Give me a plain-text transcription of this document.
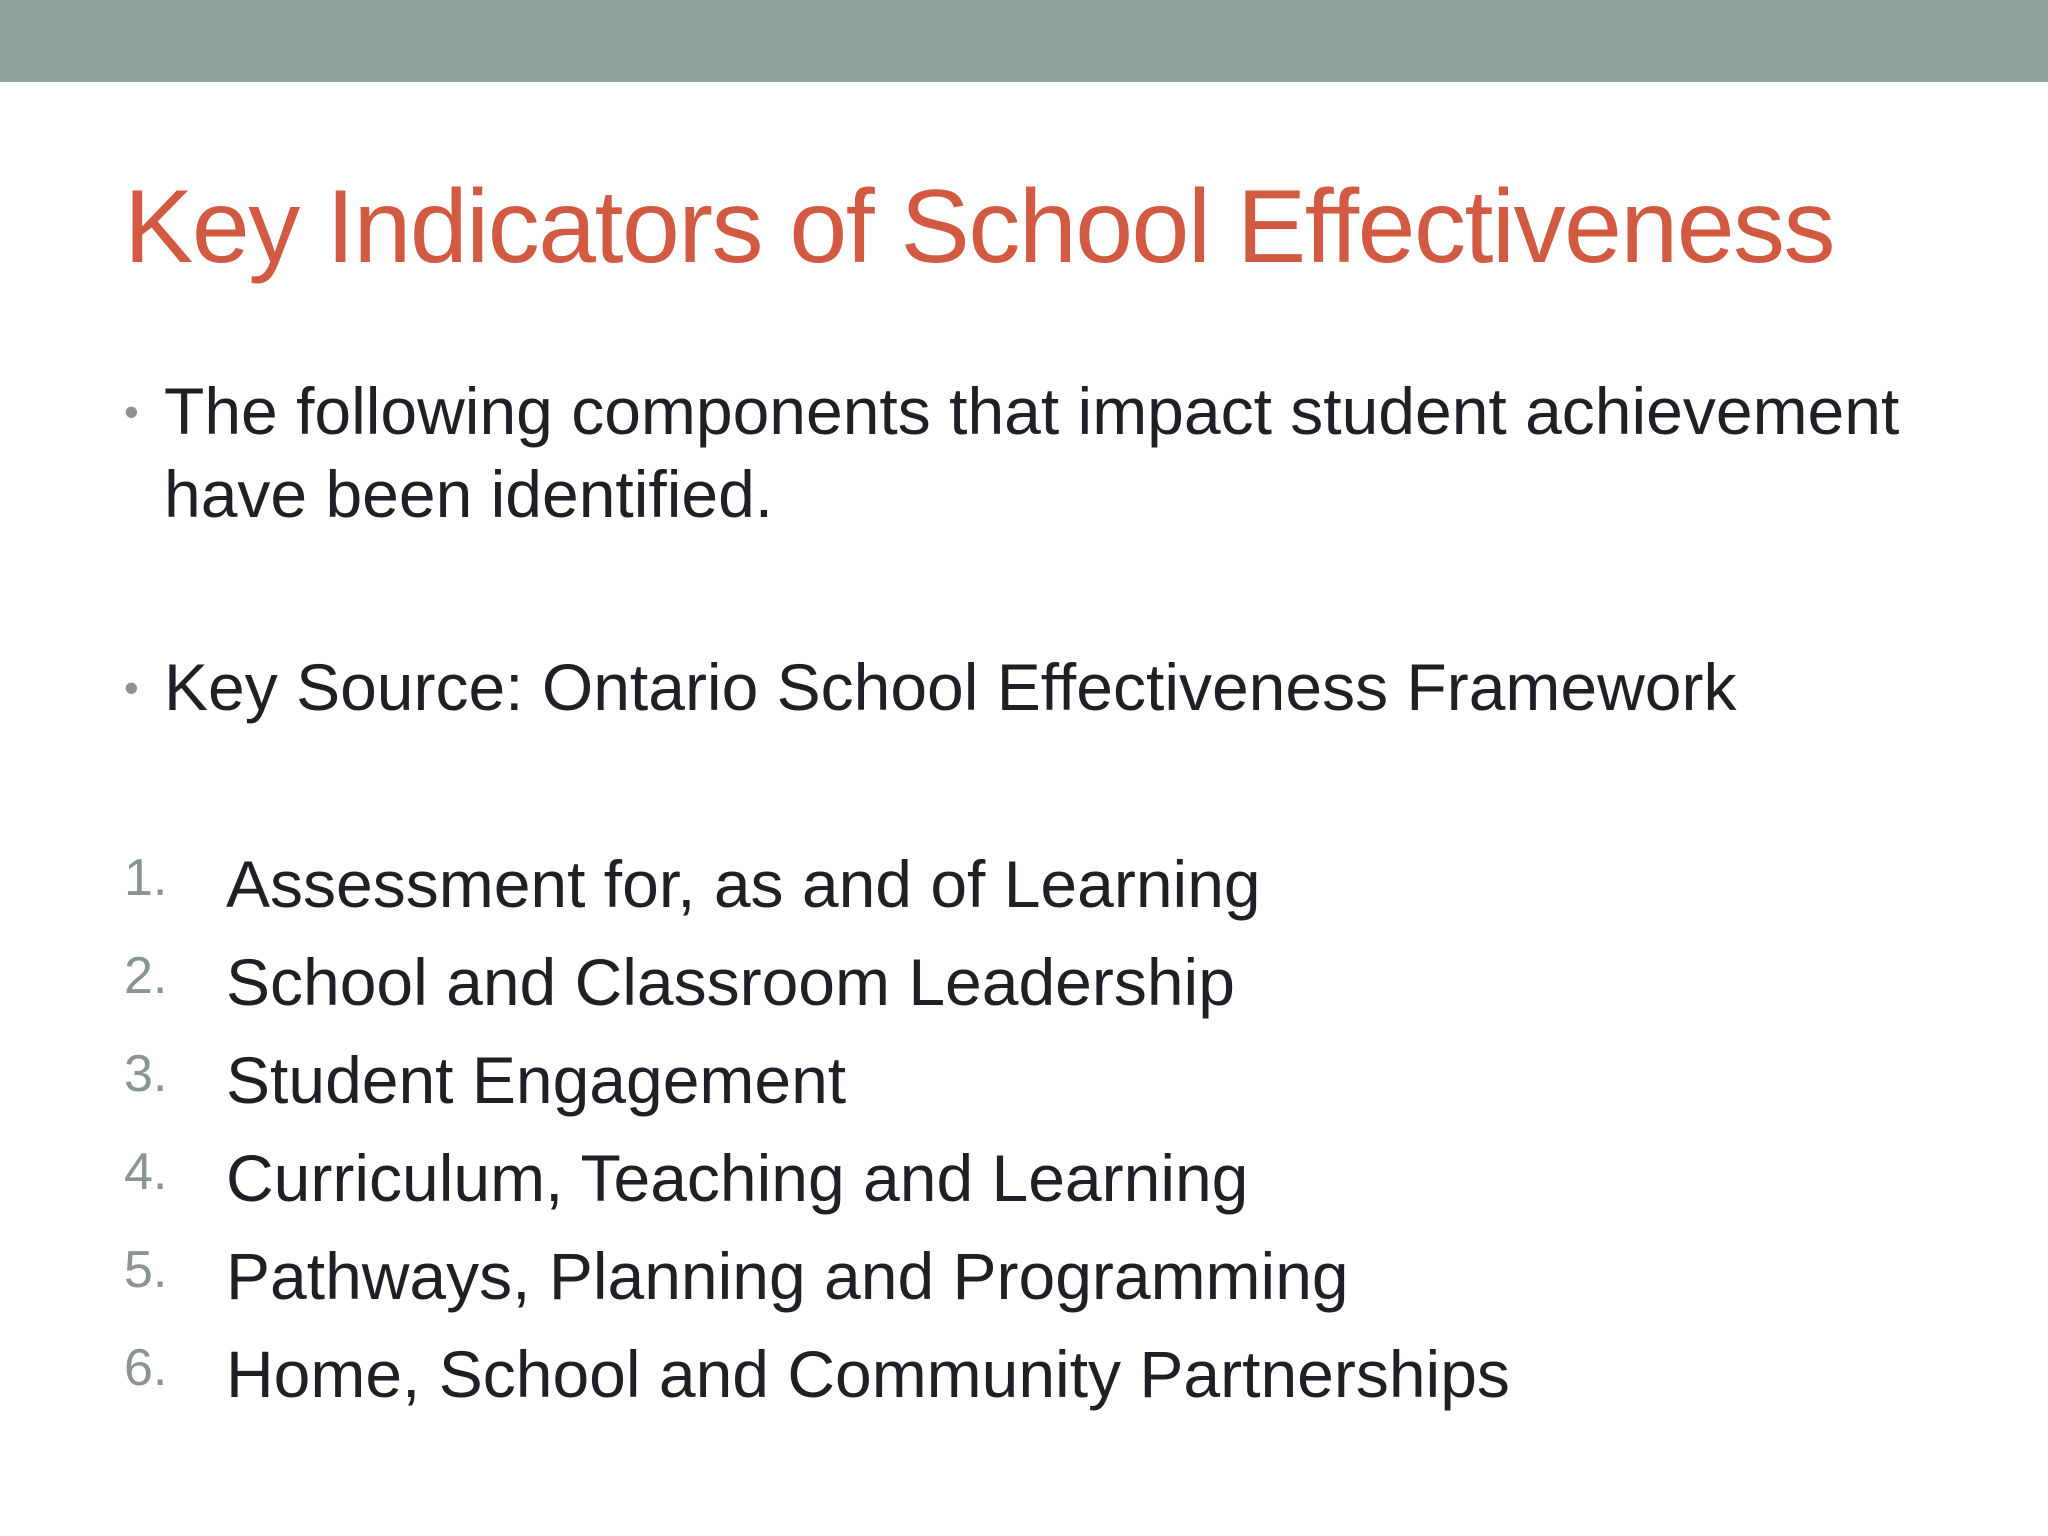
Key Indicators of School Effectiveness
• The following components that impact student achievement have been identified.
• Key Source: Ontario School Effectiveness Framework
1. Assessment for, as and of Learning
2. School and Classroom Leadership
3. Student Engagement
4. Curriculum, Teaching and Learning
5. Pathways, Planning and Programming
6. Home, School and Community Partnerships
